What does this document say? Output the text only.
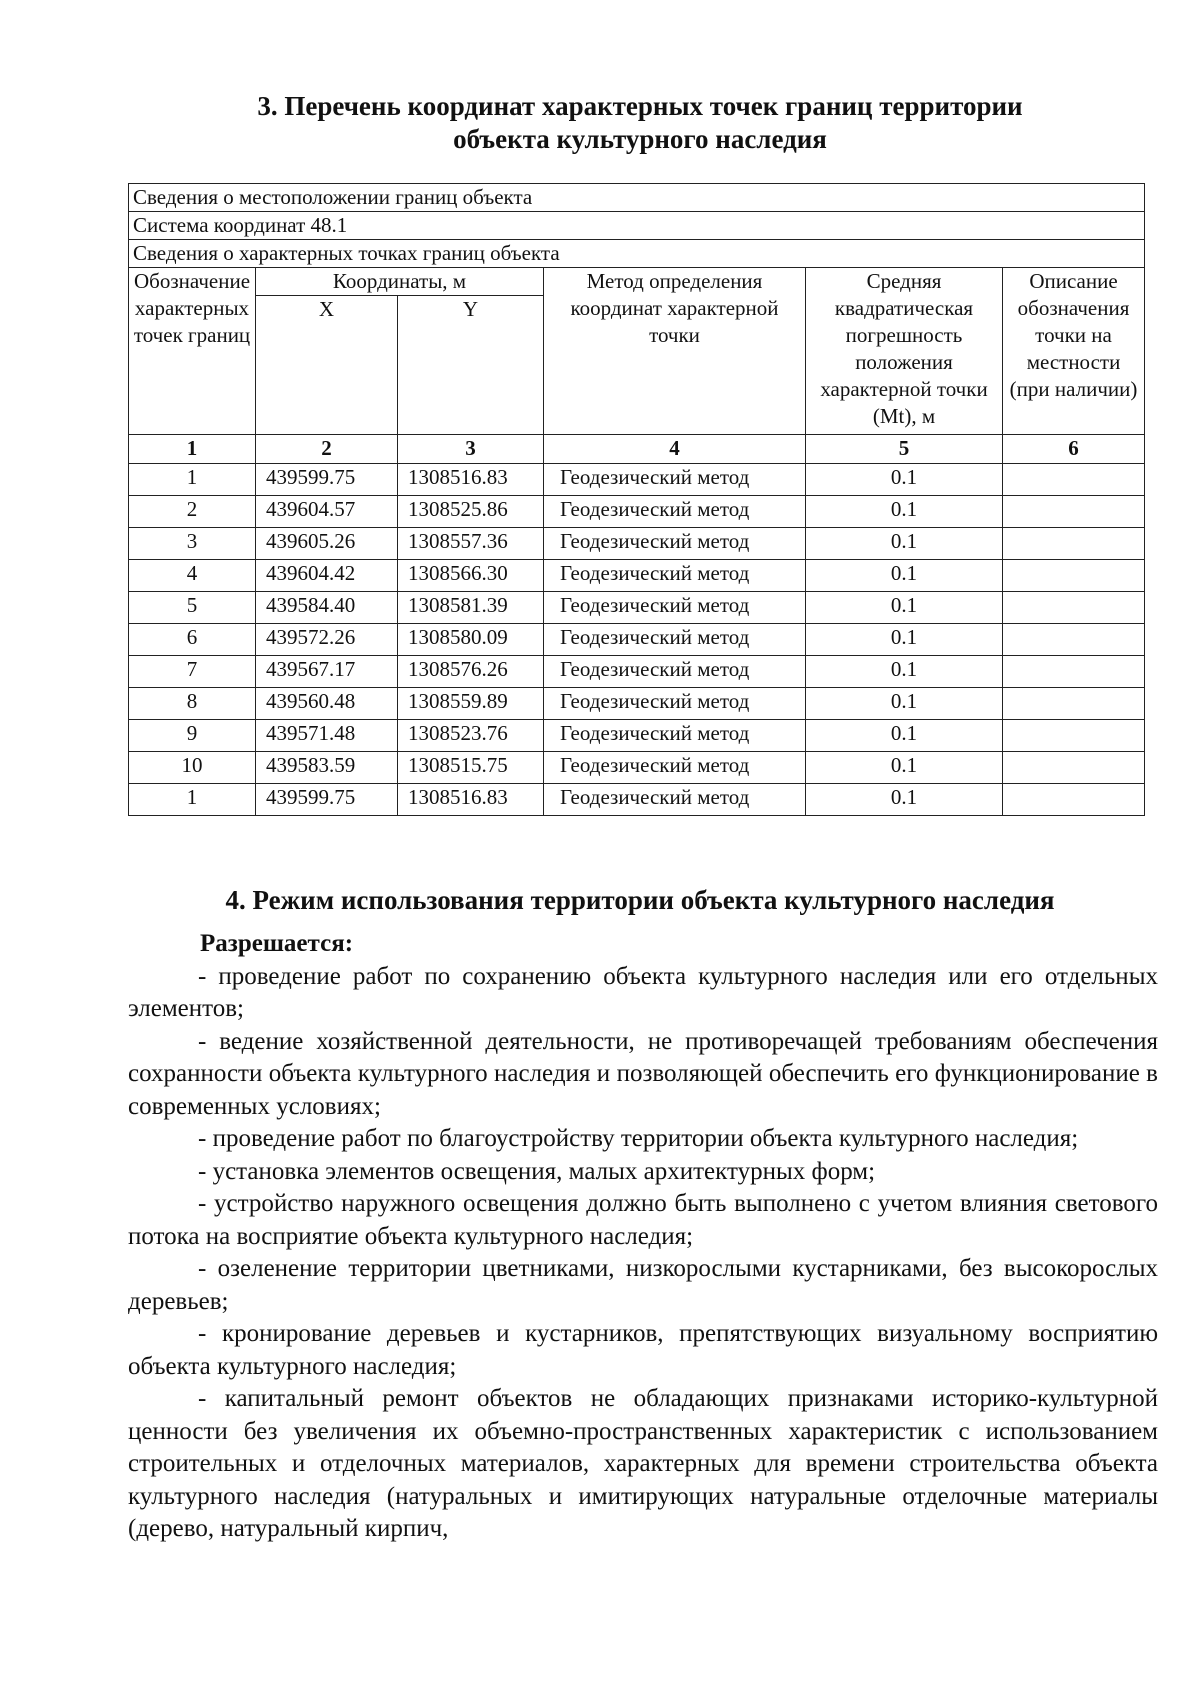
3. Перечень координат характерных точек границ территории
объекта культурного наследия
Сведения о местоположении границ объекта					
Система координат 48.1					
Сведения о характерных точках границ объекта					
Обозначение характерных точек границ	Координаты, м		Метод определения координат характерной точки	Средняя квадратическая погрешность положения характерной точки (Mt), м	Описание обозначения точки на местности (при наличии)
	X	Y			
1	2	3	4	5	6
1	439599.75	1308516.83	Геодезический метод	0.1	
2	439604.57	1308525.86	Геодезический метод	0.1	
3	439605.26	1308557.36	Геодезический метод	0.1	
4	439604.42	1308566.30	Геодезический метод	0.1	
5	439584.40	1308581.39	Геодезический метод	0.1	
6	439572.26	1308580.09	Геодезический метод	0.1	
7	439567.17	1308576.26	Геодезический метод	0.1	
8	439560.48	1308559.89	Геодезический метод	0.1	
9	439571.48	1308523.76	Геодезический метод	0.1	
10	439583.59	1308515.75	Геодезический метод	0.1	
1	439599.75	1308516.83	Геодезический метод	0.1	
4. Режим использования территории объекта культурного наследия

Разрешается:

- проведение работ по сохранению объекта культурного наследия или его отдельных элементов;

- ведение хозяйственной деятельности, не противоречащей требованиям обеспечения сохранности объекта культурного наследия и позволяющей обеспечить его функционирование в современных условиях;

- проведение работ по благоустройству территории объекта культурного наследия;

- установка элементов освещения, малых архитектурных форм;

- устройство наружного освещения должно быть выполнено с учетом влияния светового потока на восприятие объекта культурного наследия;

- озеленение территории цветниками, низкорослыми кустарниками, без высокорослых деревьев;

- кронирование деревьев и кустарников, препятствующих визуальному восприятию объекта культурного наследия;

- капитальный ремонт объектов не обладающих признаками историко-культурной ценности без увеличения их объемно-пространственных характеристик с использованием строительных и отделочных материалов, характерных для времени строительства объекта культурного наследия (натуральных и имитирующих натуральные отделочные материалы (дерево, натуральный кирпич,
